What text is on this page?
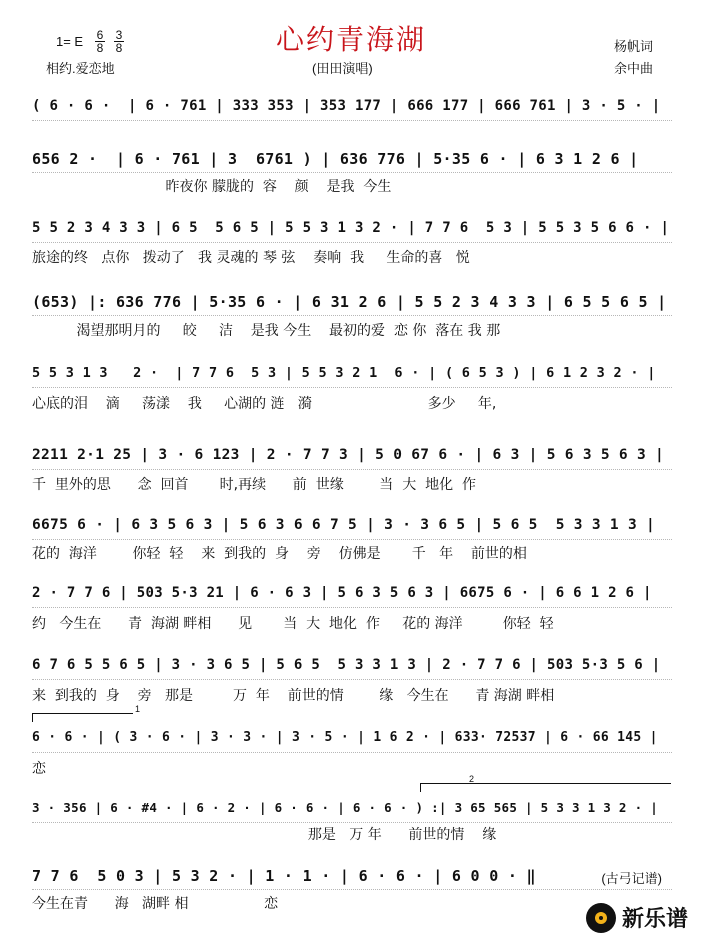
心约青海湖
1= E $\frac{6}{8} \frac{3}{8}$
相约.爱恋地	(田田演唱)
杨帆词
余中曲
( 6 · 6 ·  | 6 · 761 | 333 353 | 353 177 | 666 177 | 666 761 | 3 · 5 · |
656 2 ·  | 6 · 761 | 3  6761 ) | 636 776 | 5·35 6 · | 6 3 1 2 6 |
昨夜你 朦胧的  容    颜    是我  今生
5 5 2 3 4 3 3 | 6 5  5 6 5 | 5 5 3 1 3 2 · | 7 7 6  5 3 | 5 5 3 5 6 6 · |
旅途的终   点你   拨动了   我 灵魂的 琴 弦    奏响  我     生命的喜   悦
(653) |: 636 776 | 5·35 6 · | 6 31 2 6 | 5 5 2 3 4 3 3 | 6 5 5 6 5 |
渴望那明月的     皎     洁    是我 今生    最初的爱  恋 你  落在 我 那
5 5 3 1 3   2 ·  | 7 7 6  5 3 | 5 5 3 2 1  6 · | ( 6 5 3 ) | 6 1 2 3 2 · |
心底的泪    滴     荡漾    我     心湖的 涟   漪                          多少     年,
2211 2·1 25 | 3 · 6 123 | 2 · 7 7 3 | 5 0 67 6 · | 6 3 | 5 6 3 5 6 3 |
千  里外的思      念  回首       时,再续      前  世缘        当  大  地化  作
6675 6 · | 6 3 5 6 3 | 5 6 3 6 6 7 5 | 3 · 3 6 5 | 5 6 5  5 3 3 1 3 |
花的  海洋        你轻  轻    来  到我的  身    旁    仿佛是       千   年    前世的相
2 · 7 7 6 | 503 5·3 21 | 6 · 6 3 | 5 6 3 5 6 3 | 6675 6 · | 6 6 1 2 6 |
约   今生在      青  海湖 畔相      见       当  大  地化  作     花的 海洋         你轻  轻
6 7 6 5 5 6 5 | 3 · 3 6 5 | 5 6 5  5 3 3 1 3 | 2 · 7 7 6 | 503 5·3 5 6 |
来  到我的  身    旁   那是         万  年    前世的情        缘   今生在      青 海湖 畔相
1
6 · 6 · | ( 3 · 6 · | 3 · 3 · | 3 · 5 · | 1 6 2 · | 633· 72537 | 6 · 66 145 |
恋
2
3 · 356 | 6 · #4 · | 6 · 2 · | 6 · 6 · | 6 · 6 · ) :| 3 65 565 | 5 3 3 1 3 2 · |
那是   万 年      前世的情    缘
7 7 6  5 0 3 | 5 3 2 · | 1 · 1 · | 6 · 6 · | 6 0 0 · ‖
今生在青      海   湖畔 相                 恋
(古弓记谱)
新乐谱
